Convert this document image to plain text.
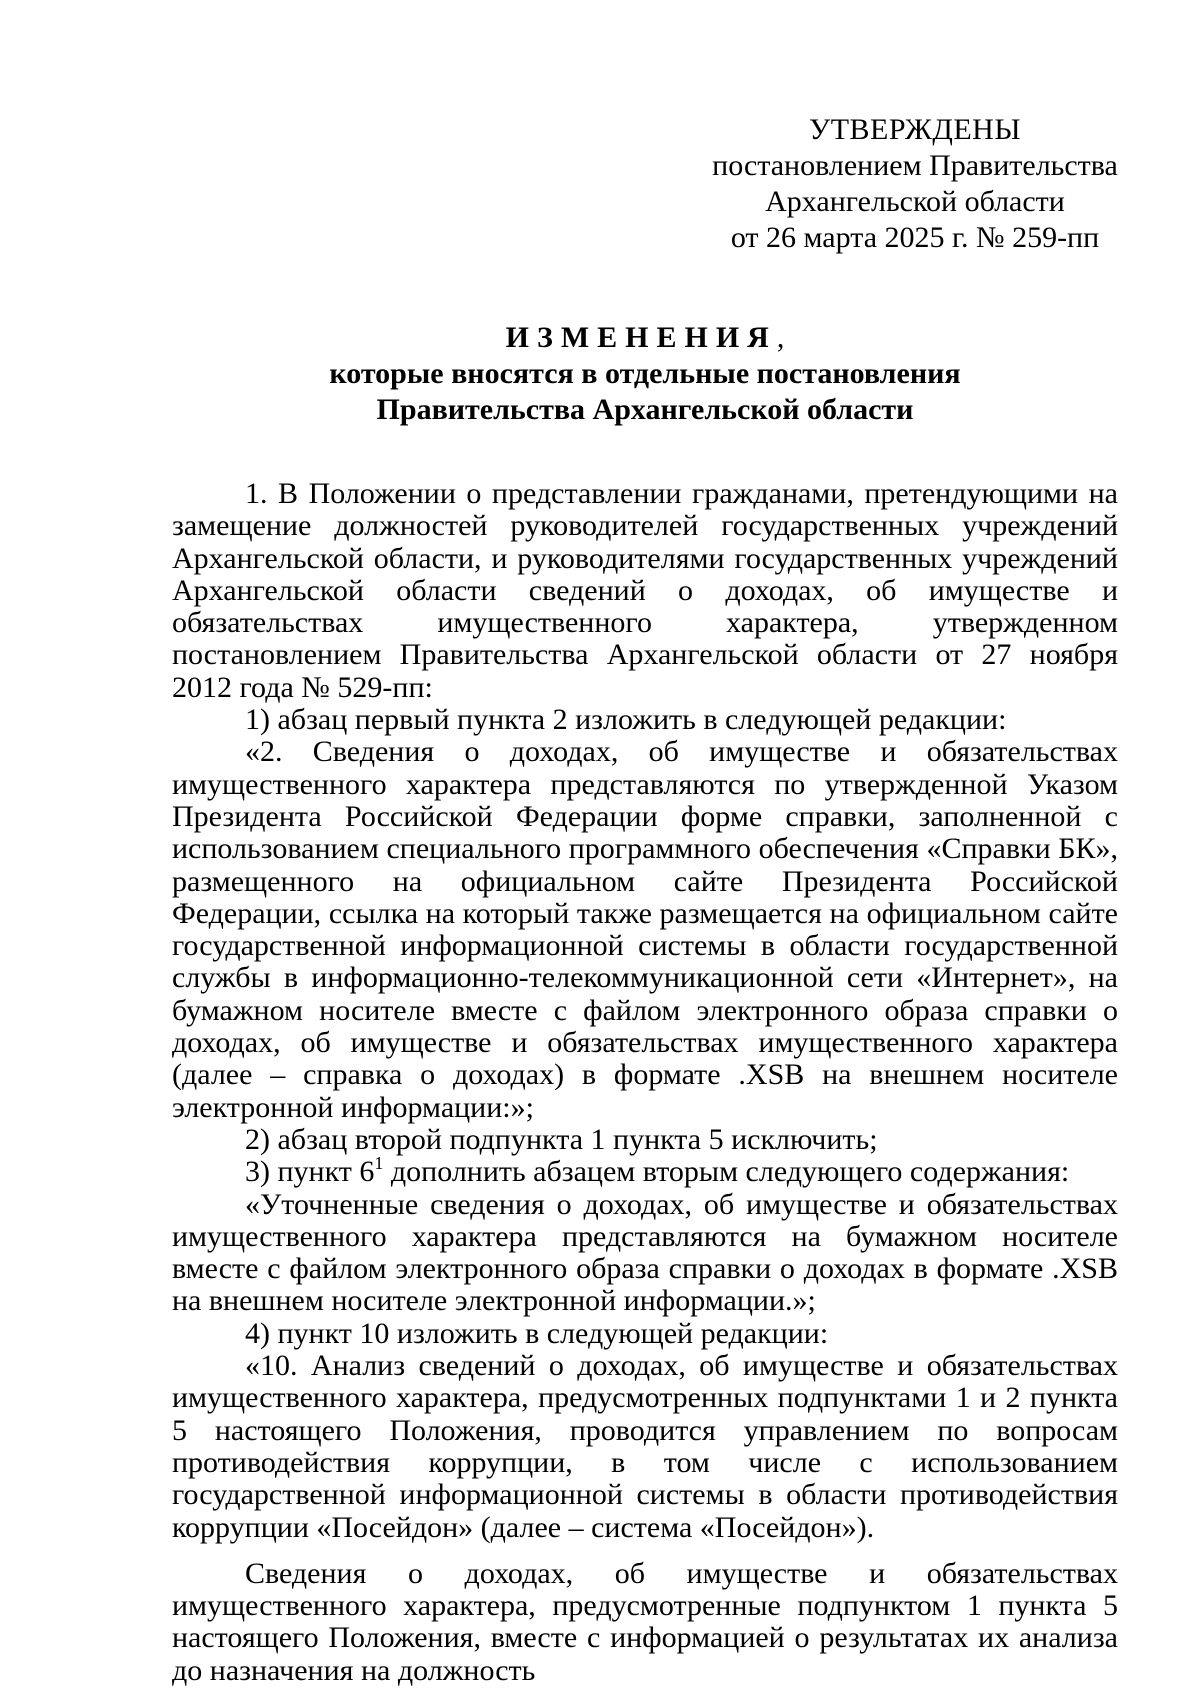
УТВЕРЖДЕНЫ
постановлением Правительства
Архангельской области
от 26 марта 2025 г. № 259-пп
ИЗМЕНЕНИЯ,
которые вносятся в отдельные постановления
Правительства Архангельской области

1. В Положении о представлении гражданами, претендующими на замещение должностей руководителей государственных учреждений Архангельской области, и руководителями государственных учреждений Архангельской области сведений о доходах, об имуществе и обязательствах имущественного характера, утвержденном постановлением Правительства Архангельской области от 27 ноября 2012 года № 529-пп:

1) абзац первый пункта 2 изложить в следующей редакции:

«2. Сведения о доходах, об имуществе и обязательствах имущественного характера представляются по утвержденной Указом Президента Российской Федерации форме справки, заполненной с использованием специального программного обеспечения «Справки БК», размещенного на официальном сайте Президента Российской Федерации, ссылка на который также размещается на официальном сайте государственной информационной системы в области государственной службы в информационно-телекоммуникационной сети «Интернет», на бумажном носителе вместе с файлом электронного образа справки о доходах, об имуществе и обязательствах имущественного характера (далее – справка о доходах) в формате .XSB на внешнем носителе электронной информации:»;

2) абзац второй подпункта 1 пункта 5 исключить;

3) пункт $6^1$ дополнить абзацем вторым следующего содержания:

«Уточненные сведения о доходах, об имуществе и обязательствах имущественного характера представляются на бумажном носителе вместе с файлом электронного образа справки о доходах в формате .XSB на внешнем носителе электронной информации.»;

4) пункт 10 изложить в следующей редакции:

«10. Анализ сведений о доходах, об имуществе и обязательствах имущественного характера, предусмотренных подпунктами 1 и 2 пункта 5 настоящего Положения, проводится управлением по вопросам противодействия коррупции, в том числе с использованием государственной информационной системы в области противодействия коррупции «Посейдон» (далее – система «Посейдон»).

Сведения о доходах, об имуществе и обязательствах имущественного характера, предусмотренные подпунктом 1 пункта 5 настоящего Положения, вместе с информацией о результатах их анализа до назначения на должность
